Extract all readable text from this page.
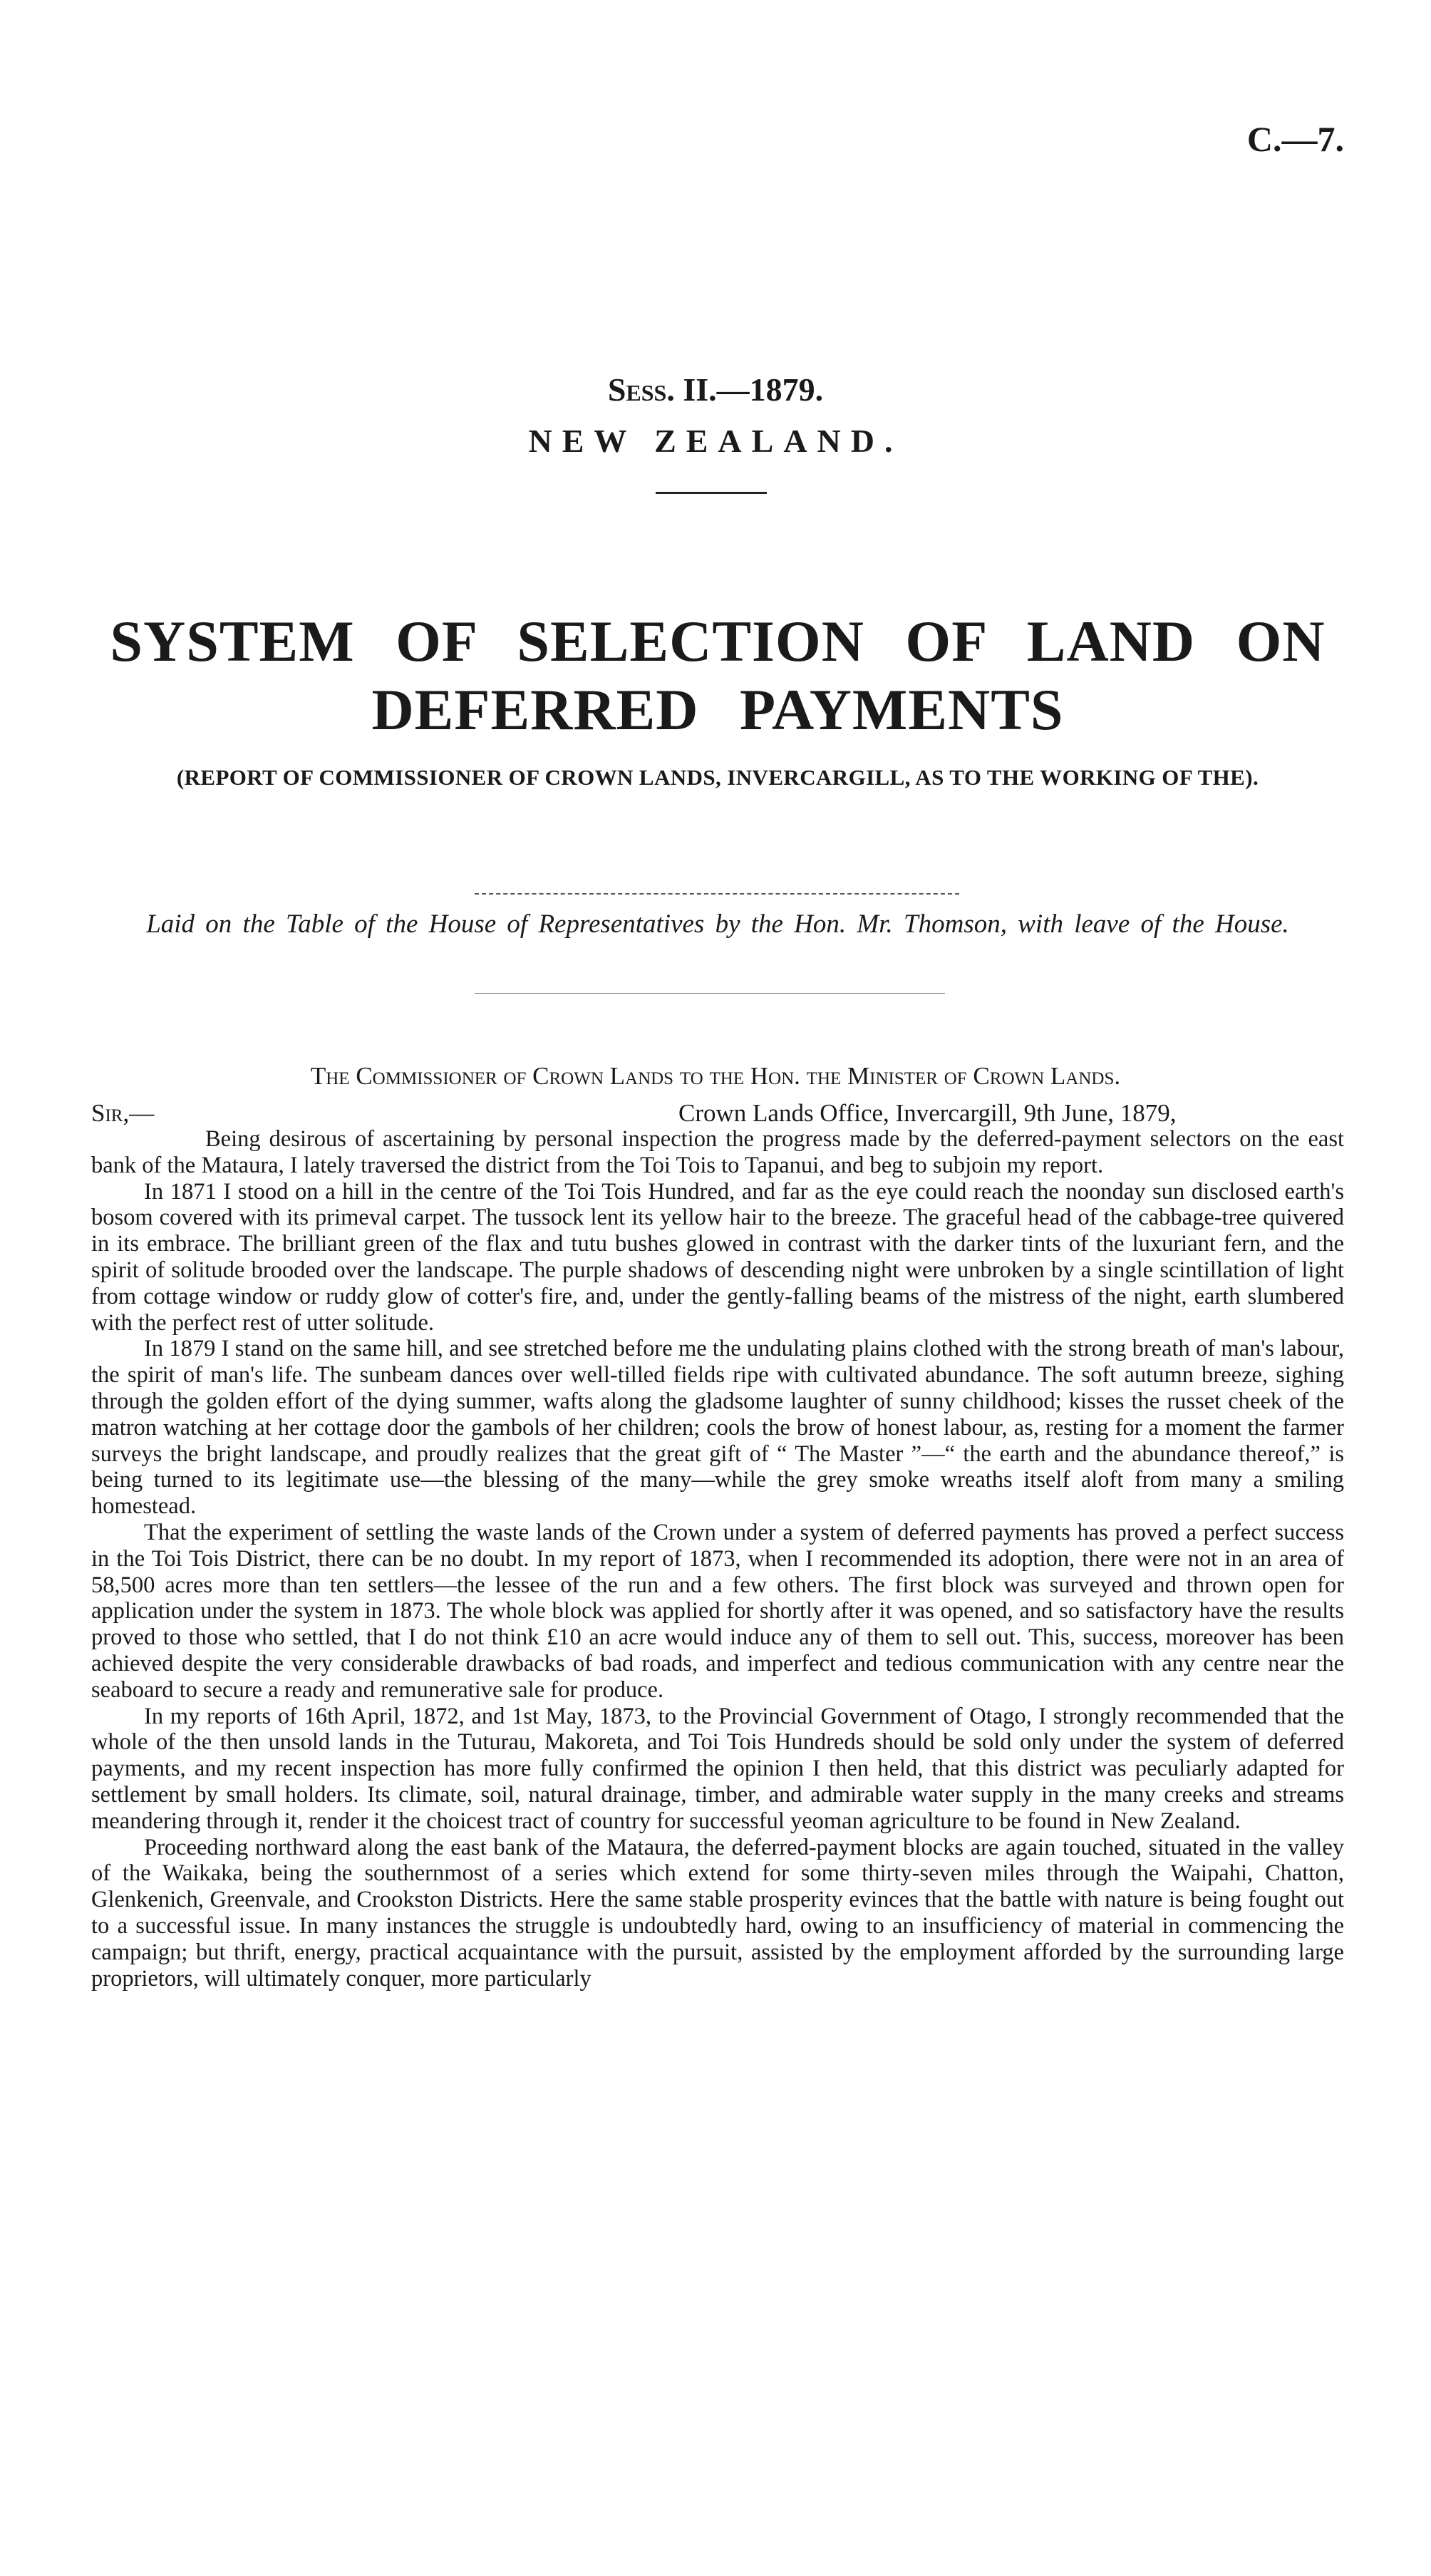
C.—7.
Sess. II.—1879.
NEW ZEALAND.
SYSTEM OF SELECTION OF LAND ON DEFERRED PAYMENTS
(REPORT OF COMMISSIONER OF CROWN LANDS, INVERCARGILL, AS TO THE WORKING OF THE).
Laid on the Table of the House of Representatives by the Hon. Mr. Thomson, with leave of the House.
The Commissioner of Crown Lands to the Hon. the Minister of Crown Lands.
Sir,—	Crown Lands Office, Invercargill, 9th June, 1879,

Being desirous of ascertaining by personal inspection the progress made by the deferred-payment selectors on the east bank of the Mataura, I lately traversed the district from the Toi Tois to Tapanui, and beg to subjoin my report.

In 1871 I stood on a hill in the centre of the Toi Tois Hundred, and far as the eye could reach the noonday sun disclosed earth's bosom covered with its primeval carpet. The tussock lent its yellow hair to the breeze. The graceful head of the cabbage-tree quivered in its embrace. The brilliant green of the flax and tutu bushes glowed in contrast with the darker tints of the luxuriant fern, and the spirit of solitude brooded over the landscape. The purple shadows of descending night were unbroken by a single scintillation of light from cottage window or ruddy glow of cotter's fire, and, under the gently-falling beams of the mistress of the night, earth slumbered with the perfect rest of utter solitude.

In 1879 I stand on the same hill, and see stretched before me the undulating plains clothed with the strong breath of man's labour, the spirit of man's life. The sunbeam dances over well-tilled fields ripe with cultivated abundance. The soft autumn breeze, sighing through the golden effort of the dying summer, wafts along the gladsome laughter of sunny childhood; kisses the russet cheek of the matron watching at her cottage door the gambols of her children; cools the brow of honest labour, as, resting for a moment the farmer surveys the bright landscape, and proudly realizes that the great gift of “ The Master ”—“ the earth and the abundance thereof,” is being turned to its legitimate use—the blessing of the many—while the grey smoke wreaths itself aloft from many a smiling homestead.

That the experiment of settling the waste lands of the Crown under a system of deferred payments has proved a perfect success in the Toi Tois District, there can be no doubt. In my report of 1873, when I recommended its adoption, there were not in an area of 58,500 acres more than ten settlers—the lessee of the run and a few others. The first block was surveyed and thrown open for application under the system in 1873. The whole block was applied for shortly after it was opened, and so satisfactory have the results proved to those who settled, that I do not think £10 an acre would induce any of them to sell out. This, success, moreover has been achieved despite the very considerable drawbacks of bad roads, and imperfect and tedious communication with any centre near the seaboard to secure a ready and remunerative sale for produce.

In my reports of 16th April, 1872, and 1st May, 1873, to the Provincial Government of Otago, I strongly recommended that the whole of the then unsold lands in the Tuturau, Makoreta, and Toi Tois Hundreds should be sold only under the system of deferred payments, and my recent inspection has more fully confirmed the opinion I then held, that this district was peculiarly adapted for settlement by small holders. Its climate, soil, natural drainage, timber, and admirable water supply in the many creeks and streams meandering through it, render it the choicest tract of country for successful yeoman agriculture to be found in New Zealand.

Proceeding northward along the east bank of the Mataura, the deferred-payment blocks are again touched, situated in the valley of the Waikaka, being the southernmost of a series which extend for some thirty-seven miles through the Waipahi, Chatton, Glenkenich, Greenvale, and Crookston Districts. Here the same stable prosperity evinces that the battle with nature is being fought out to a successful issue. In many instances the struggle is undoubtedly hard, owing to an insufficiency of material in commencing the campaign; but thrift, energy, practical acquaintance with the pursuit, assisted by the employment afforded by the surrounding large proprietors, will ultimately conquer, more particularly
